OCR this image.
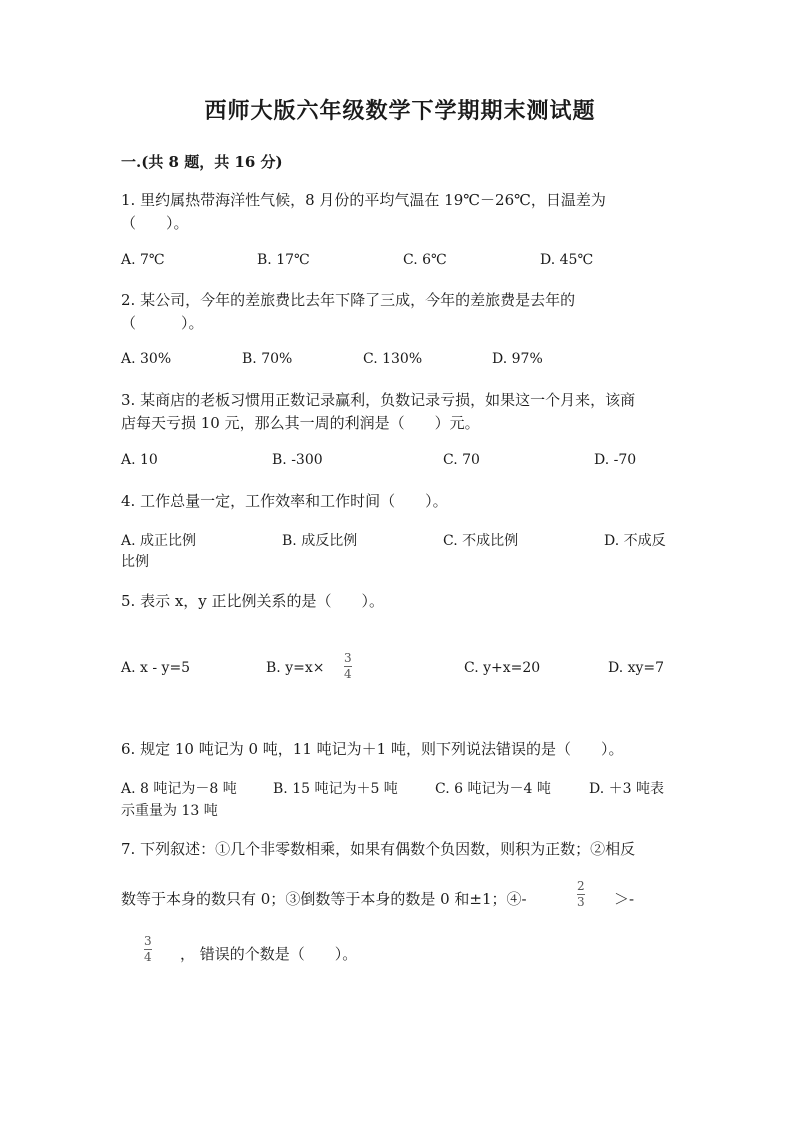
西师大版六年级数学下学期期末测试题
一.(共 8 题，共 16 分)
1. 里约属热带海洋性气候，8 月份的平均气温在 19℃－26℃，日温差为
（　　）。
A. 7℃	B. 17℃	C. 6℃	D. 45℃
2. 某公司，今年的差旅费比去年下降了三成，今年的差旅费是去年的
（　　　）。
A. 30%	B. 70%	C. 130%	D. 97%
3. 某商店的老板习惯用正数记录赢利，负数记录亏损，如果这一个月来，该商
店每天亏损 10 元，那么其一周的利润是（　　）元。
A. 10	B. -300	C. 70	D. -70
4. 工作总量一定，工作效率和工作时间（　　）。
A. 成正比例	B. 成反比例	C. 不成比例	D. 不成反
比例
5. 表示 x，y 正比例关系的是（　　）。
A. x - y=5	B. y=x×
3
4	C. y+x=20	D. xy=7
6. 规定 10 吨记为 0 吨，11 吨记为＋1 吨，则下列说法错误的是（　　）。
A. 8 吨记为－8 吨	B. 15 吨记为＋5 吨	C. 6 吨记为－4 吨	D. ＋3 吨表
示重量为 13 吨
7. 下列叙述：①几个非零数相乘，如果有偶数个负因数，则积为正数；②相反
数等于本身的数只有 0；③倒数等于本身的数是 0 和±1；④-
2
3 ＞-
3
4 ， 错误的个数是（　　）。
